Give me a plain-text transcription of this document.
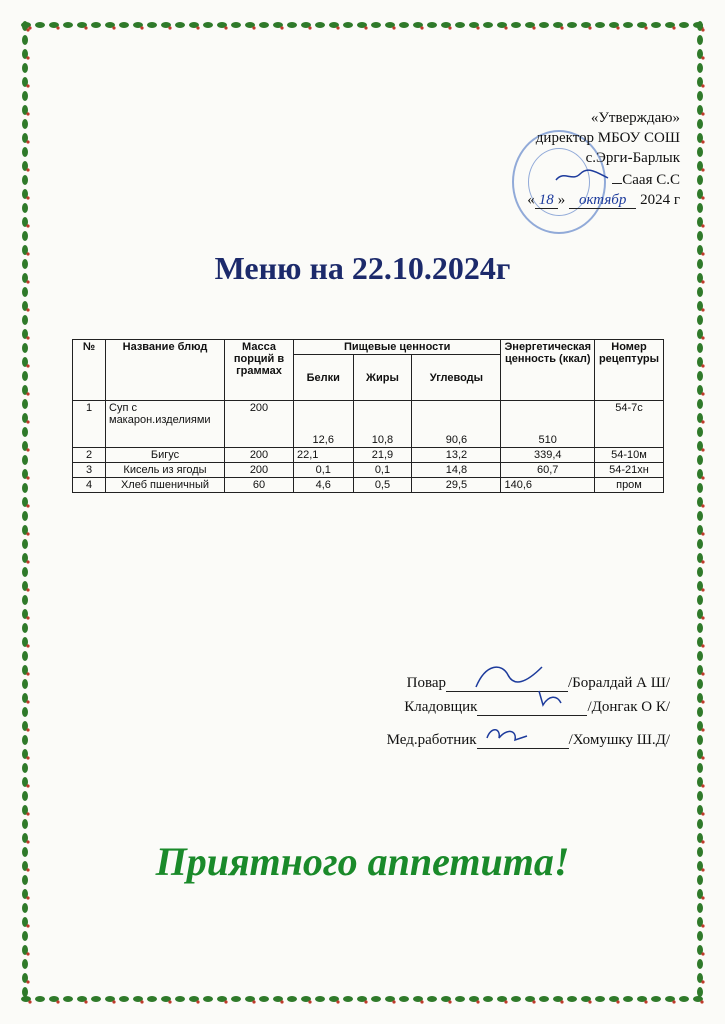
«Утверждаю»
директор МБОУ СОШ
с.Эрги-Барлык
Саая С.С
« 18 » октябр 2024 г
Меню на 22.10.2024г
№	Название блюд	Масса порций в граммах	Пищевые ценности			Энергетическая ценность (ккал)	Номер рецептуры
			Белки	Жиры	Углеводы		
1	Суп с макарон.изделиями	200	12,6	10,8	90,6	510	54-7с
2	Бигус	200	22,1	21,9	13,2	339,4	54-10м
3	Кисель из ягоды	200	0,1	0,1	14,8	60,7	54-21хн
4	Хлеб пшеничный	60	4,6	0,5	29,5	140,6	пром
Повар	/Боралдай А Ш/
Кладовщик	/Донгак О К/
Мед.работник	/Хомушку Ш.Д/
Приятного аппетита!
